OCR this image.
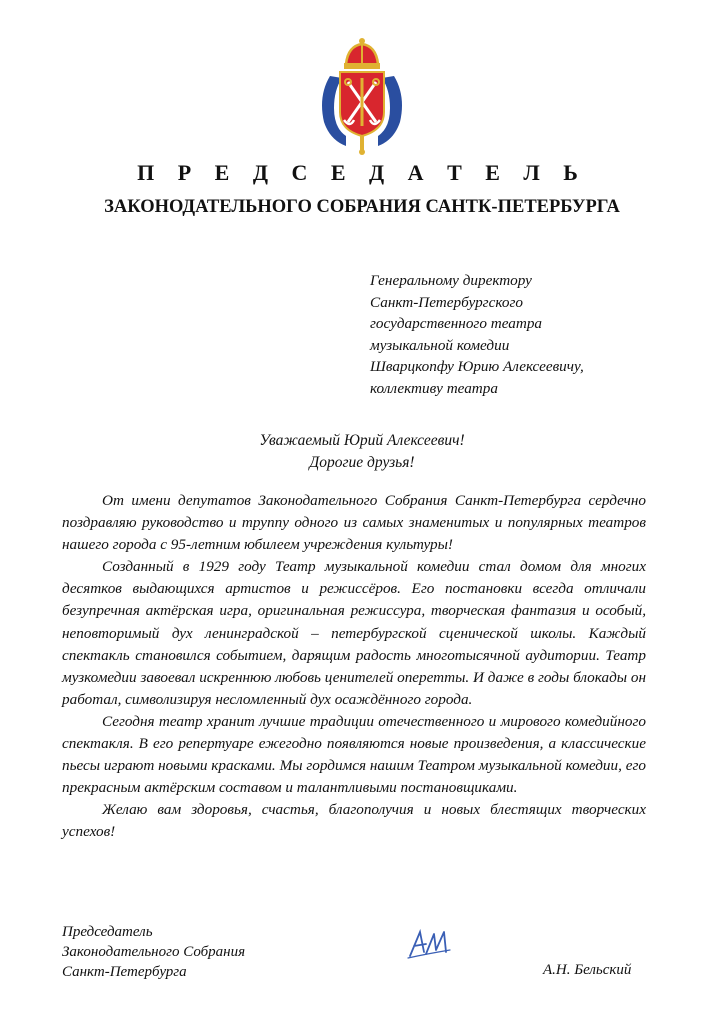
П Р Е Д С Е Д А Т Е Л Ь
ЗАКОНОДАТЕЛЬНОГО СОБРАНИЯ САНТК-ПЕТЕРБУРГА
Генеральному директору
Санкт-Петербургского
государственного театра
музыкальной комедии
Шварцкопфу Юрию Алексеевичу,
коллективу театра
Уважаемый Юрий Алексеевич!
Дорогие друзья!

От имени депутатов Законодательного Собрания Санкт-Петербурга сердечно поздравляю руководство и труппу одного из самых знаменитых и популярных театров нашего города с 95-летним юбилеем учреждения культуры!

Созданный в 1929 году Театр музыкальной комедии стал домом для многих десятков выдающихся артистов и режиссёров. Его постановки всегда отличали безупречная актёрская игра, оригинальная режиссура, творческая фантазия и особый, неповторимый дух ленинградской – петербургской сценической школы. Каждый спектакль становился событием, дарящим радость многотысячной аудитории. Театр музкомедии завоевал искреннюю любовь ценителей оперетты. И даже в годы блокады он работал, символизируя несломленный дух осаждённого города.

Сегодня театр хранит лучшие традиции отечественного и мирового комедийного спектакля. В его репертуаре ежегодно появляются новые произведения, а классические пьесы играют новыми красками. Мы гордимся нашим Театром музыкальной комедии, его прекрасным актёрским составом и талантливыми постановщиками.

Желаю вам здоровья, счастья, благополучия и новых блестящих творческих успехов!

Председатель
Законодательного Собрания
Санкт-Петербурга	А.Н. Бельский
